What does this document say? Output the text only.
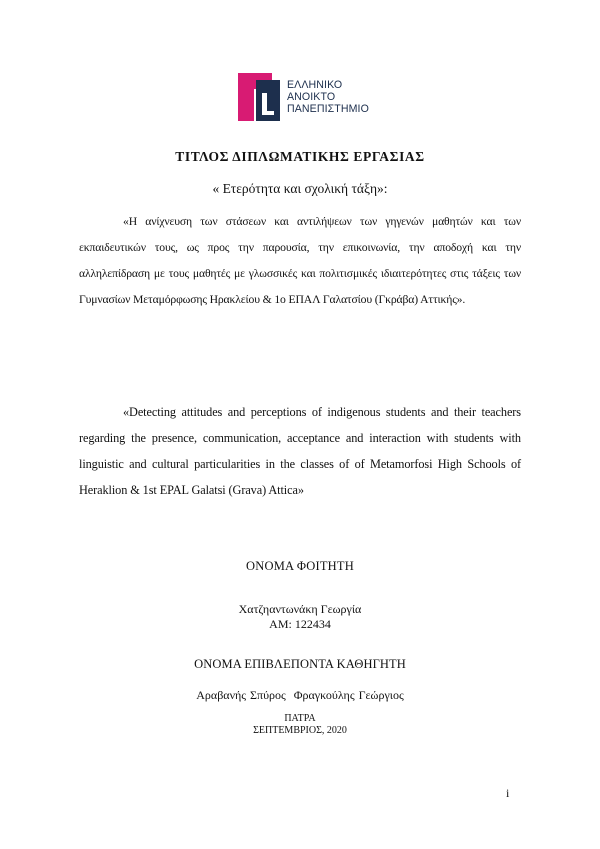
ΕΛΛΗΝΙΚΟ
ΑΝΟΙΚΤΟ
ΠΑΝΕΠΙΣΤΗΜΙΟ
ΤΙΤΛΟΣ ΔΙΠΛΩΜΑΤΙΚΗΣ ΕΡΓΑΣΙΑΣ
« Ετερότητα και σχολική τάξη»:
«Η ανίχνευση των στάσεων και αντιλήψεων των γηγενών μαθητών και των εκπαιδευτικών τους, ως προς την παρουσία, την επικοινωνία, την αποδοχή και την αλληλεπίδραση με τους μαθητές με γλωσσικές και πολιτισμικές ιδιαιτερότητες στις τάξεις των Γυμνασίων Μεταμόρφωσης Ηρακλείου & 1ο ΕΠΑΛ Γαλατσίου (Γκράβα) Αττικής».
«Detecting attitudes and perceptions of indigenous students and their teachers regarding the presence, communication, acceptance and interaction with students with linguistic and cultural particularities in the classes of of Metamorfosi High Schools of Heraklion & 1st EPAL Galatsi (Grava) Attica»
ΟΝΟΜΑ ΦΟΙΤΗΤΗ
Χατζηαντωνάκη Γεωργία
ΑΜ: 122434
ΟΝΟΜΑ ΕΠΙΒΛΕΠΟΝΤΑ ΚΑΘΗΓΗΤΗ
Αραβανής Σπύρος  Φραγκούλης Γεώργιος
ΠΑΤΡΑ
ΣΕΠΤΕΜΒΡΙΟΣ, 2020
i
